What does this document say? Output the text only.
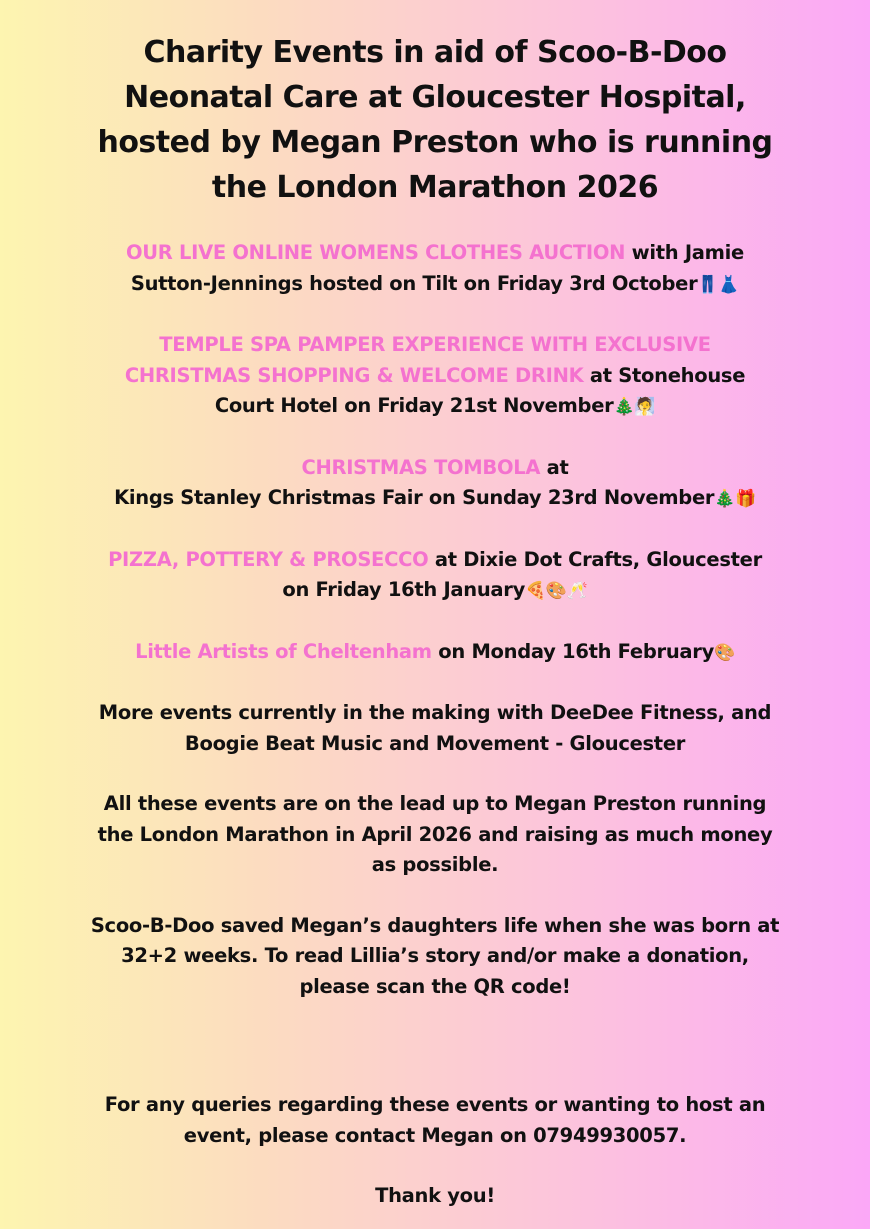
Charity Events in aid of Scoo-B-Doo
Neonatal Care at Gloucester Hospital,
hosted by Megan Preston who is running
the London Marathon 2026

OUR LIVE ONLINE WOMENS CLOTHES AUCTION with Jamie
Sutton-Jennings hosted on Tilt on Friday 3rd October👖👗

TEMPLE SPA PAMPER EXPERIENCE WITH EXCLUSIVE
CHRISTMAS SHOPPING & WELCOME DRINK at Stonehouse
Court Hotel on Friday 21st November🎄🧖

CHRISTMAS TOMBOLA at
Kings Stanley Christmas Fair on Sunday 23rd November🎄🎁

PIZZA, POTTERY & PROSECCO at Dixie Dot Crafts, Gloucester
on Friday 16th January🍕🎨🥂

Little Artists of Cheltenham on Monday 16th February🎨

More events currently in the making with DeeDee Fitness, and
Boogie Beat Music and Movement - Gloucester

All these events are on the lead up to Megan Preston running
the London Marathon in April 2026 and raising as much money
as possible.

Scoo-B-Doo saved Megan’s daughters life when she was born at
32+2 weeks. To read Lillia’s story and/or make a donation,
please scan the QR code!

For any queries regarding these events or wanting to host an
event, please contact Megan on 07949930057.

Thank you!
